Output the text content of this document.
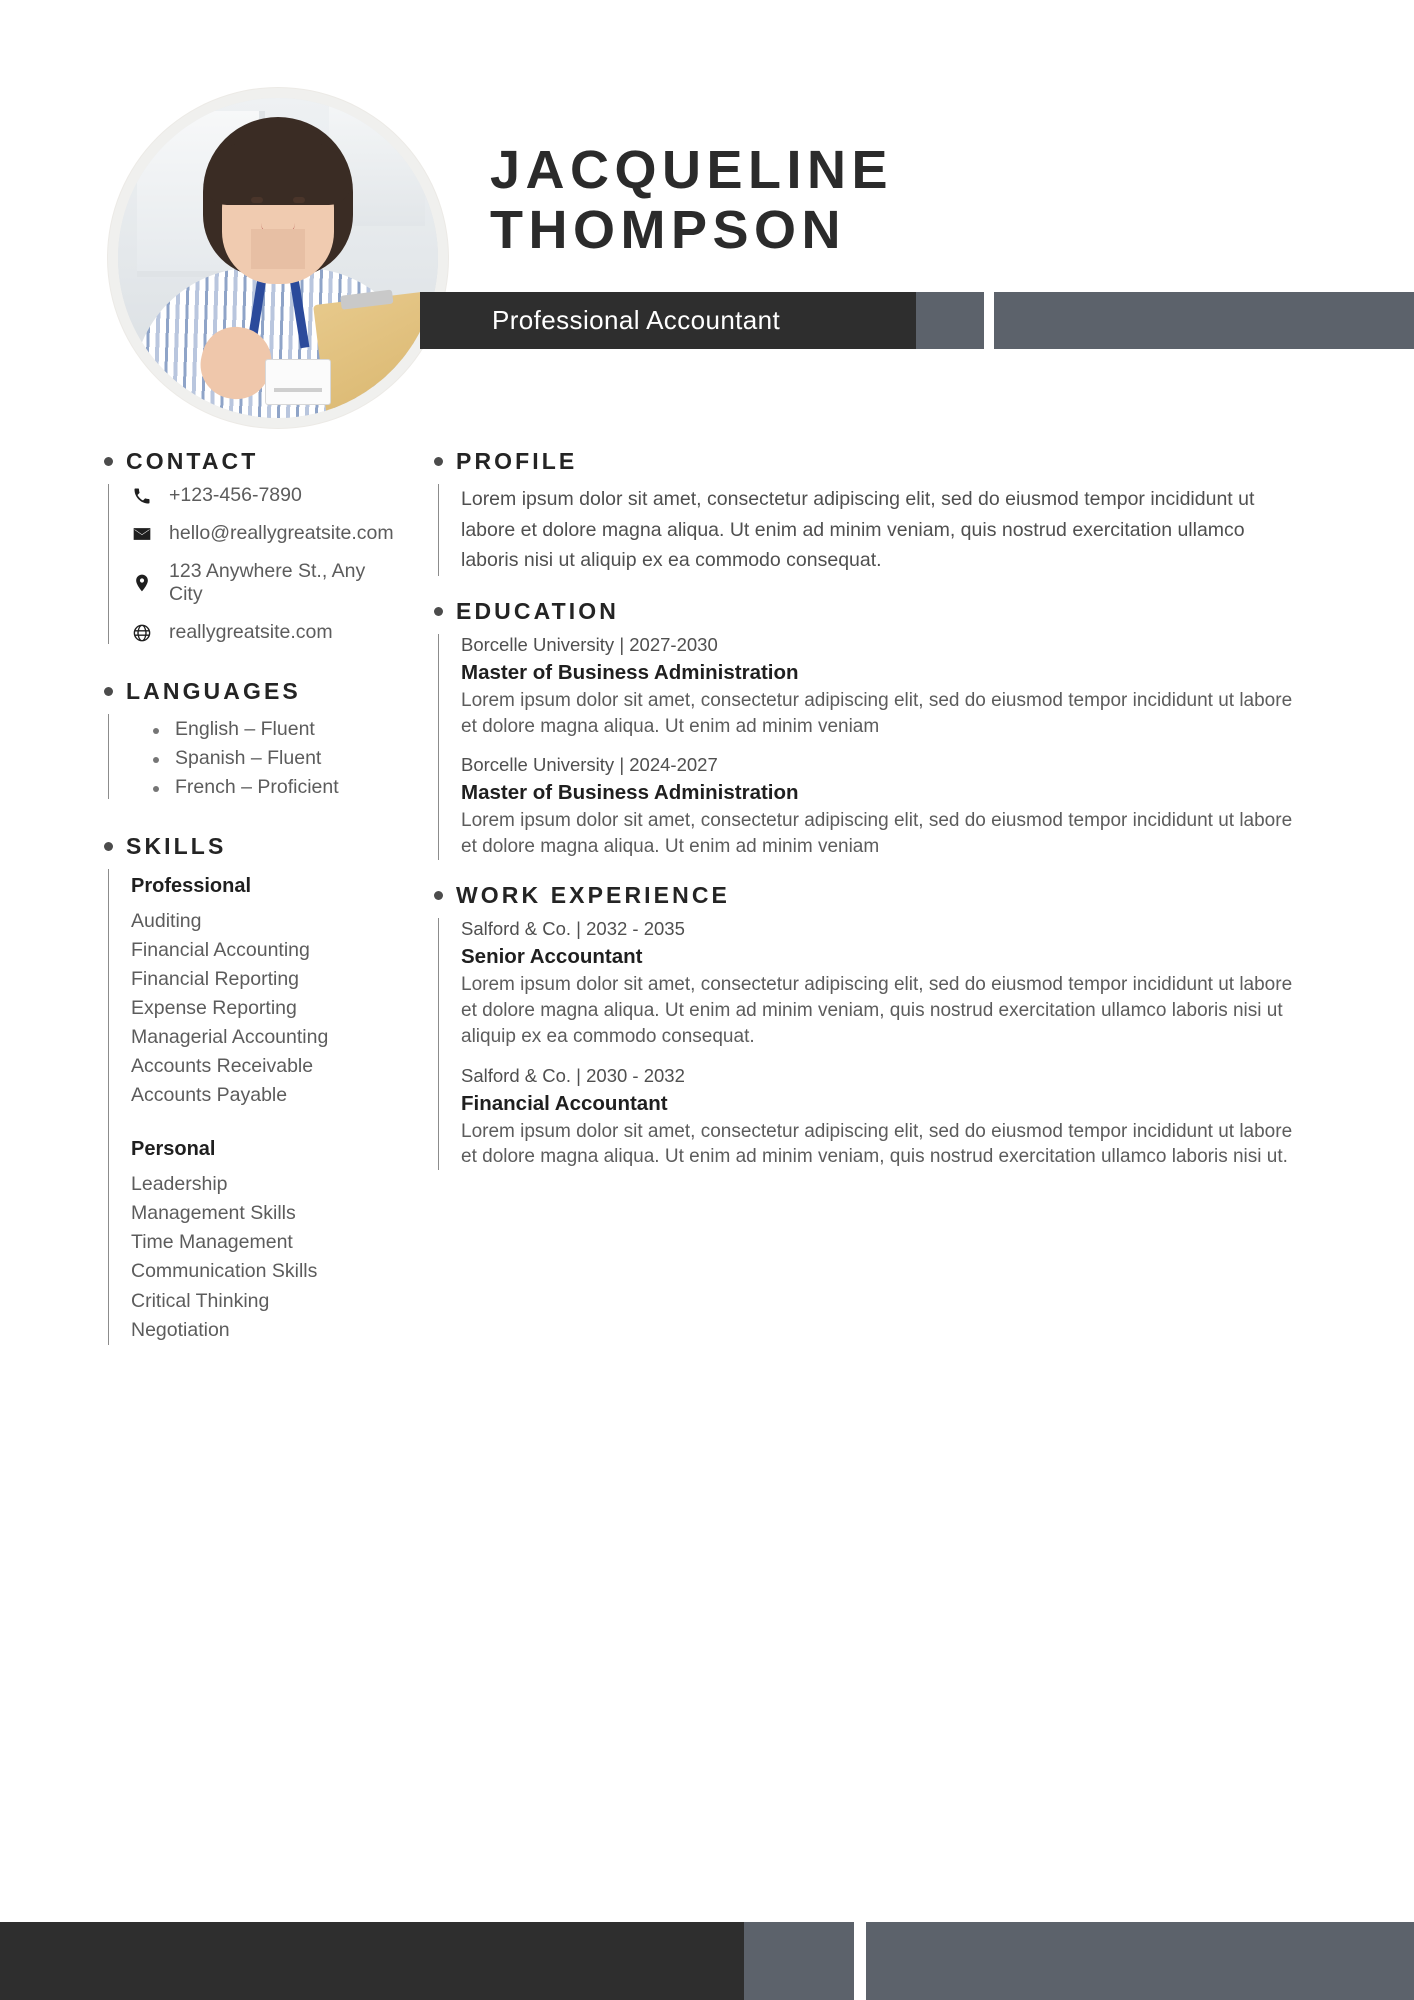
JACQUELINE
THOMPSON
Professional Accountant
CONTACT
+123-456-7890
hello@reallygreatsite.com
123 Anywhere St., Any City
reallygreatsite.com
LANGUAGES
English – Fluent
Spanish – Fluent
French – Proficient
SKILLS
Professional
Auditing
Financial Accounting
Financial Reporting
Expense Reporting
Managerial Accounting
Accounts Receivable
Accounts Payable
Personal
Leadership
Management Skills
Time Management
Communication Skills
Critical Thinking
Negotiation
PROFILE
Lorem ipsum dolor sit amet, consectetur adipiscing elit, sed do eiusmod tempor incididunt ut labore et dolore magna aliqua. Ut enim ad minim veniam, quis nostrud exercitation ullamco laboris nisi ut aliquip ex ea commodo consequat.
EDUCATION
Borcelle University | 2027-2030
Master of Business Administration
Lorem ipsum dolor sit amet, consectetur adipiscing elit, sed do eiusmod tempor incididunt ut labore et dolore magna aliqua. Ut enim ad minim veniam
Borcelle University | 2024-2027
Master of Business Administration
Lorem ipsum dolor sit amet, consectetur adipiscing elit, sed do eiusmod tempor incididunt ut labore et dolore magna aliqua. Ut enim ad minim veniam
WORK EXPERIENCE
Salford & Co. | 2032 - 2035
Senior Accountant
Lorem ipsum dolor sit amet, consectetur adipiscing elit, sed do eiusmod tempor incididunt ut labore et dolore magna aliqua. Ut enim ad minim veniam, quis nostrud exercitation ullamco laboris nisi ut aliquip ex ea commodo consequat.
Salford & Co. | 2030 - 2032
Financial Accountant
Lorem ipsum dolor sit amet, consectetur adipiscing elit, sed do eiusmod tempor incididunt ut labore et dolore magna aliqua. Ut enim ad minim veniam, quis nostrud exercitation ullamco laboris nisi ut.
